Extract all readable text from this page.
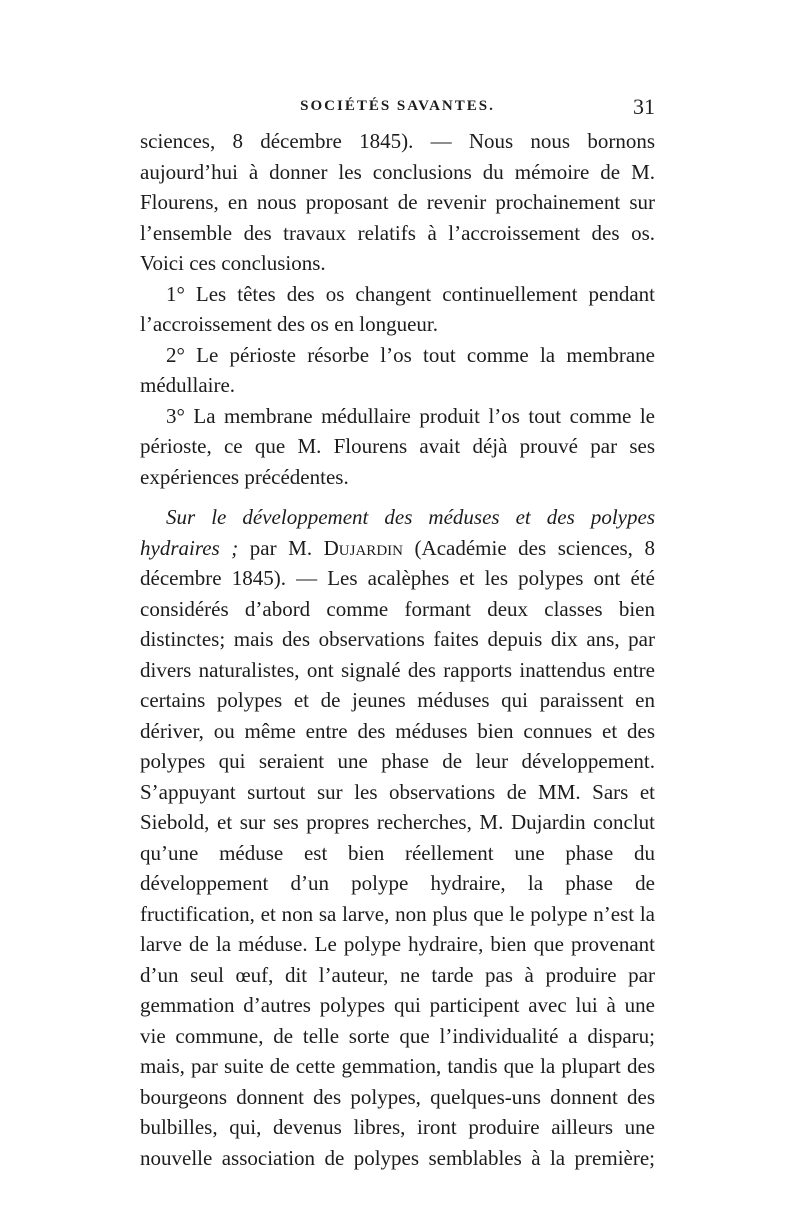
SOCIÉTÉS SAVANTES.	31

sciences, 8 décembre 1845). — Nous nous bornons aujourd’hui à donner les conclusions du mémoire de M. Flourens, en nous proposant de revenir prochainement sur l’ensemble des travaux relatifs à l’accroissement des os. Voici ces conclusions.

1° Les têtes des os changent continuellement pendant l’accroissement des os en longueur.

2° Le périoste résorbe l’os tout comme la membrane médullaire.

3° La membrane médullaire produit l’os tout comme le périoste, ce que M. Flourens avait déjà prouvé par ses expériences précédentes.

Sur le développement des méduses et des polypes hydraires ; par M. Dujardin (Académie des sciences, 8 décembre 1845). — Les acalèphes et les polypes ont été considérés d’abord comme formant deux classes bien distinctes; mais des observations faites depuis dix ans, par divers naturalistes, ont signalé des rapports inattendus entre certains polypes et de jeunes méduses qui paraissent en dériver, ou même entre des méduses bien connues et des polypes qui seraient une phase de leur développement. S’appuyant surtout sur les observations de MM. Sars et Siebold, et sur ses propres recherches, M. Dujardin conclut qu’une méduse est bien réellement une phase du développement d’un polype hydraire, la phase de fructification, et non sa larve, non plus que le polype n’est la larve de la méduse. Le polype hydraire, bien que provenant d’un seul œuf, dit l’auteur, ne tarde pas à produire par gemmation d’autres polypes qui participent avec lui à une vie commune, de telle sorte que l’individualité a disparu; mais, par suite de cette gemmation, tandis que la plupart des bourgeons donnent des polypes, quelques-uns donnent des bulbilles, qui, devenus libres, iront produire ailleurs une nouvelle association de polypes semblables à la première;
